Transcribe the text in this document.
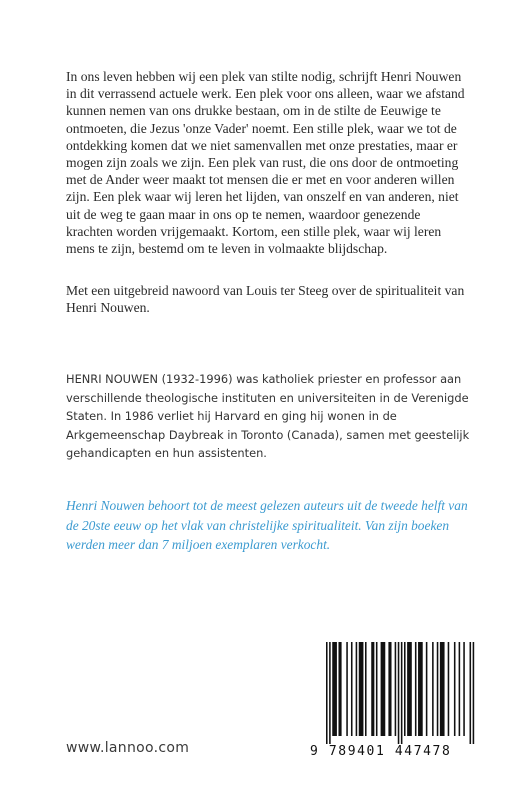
In ons leven hebben wij een plek van stilte nodig, schrijft Henri Nouwen in dit verrassend actuele werk. Een plek voor ons alleen, waar we afstand kunnen nemen van ons drukke bestaan, om in de stilte de Eeuwige te ontmoeten, die Jezus 'onze Vader' noemt. Een stille plek, waar we tot de ontdekking komen dat we niet samenvallen met onze prestaties, maar er mogen zijn zoals we zijn. Een plek van rust, die ons door de ontmoeting met de Ander weer maakt tot mensen die er met en voor anderen willen zijn. Een plek waar wij leren het lijden, van onszelf en van anderen, niet uit de weg te gaan maar in ons op te nemen, waardoor genezende krachten worden vrijgemaakt. Kortom, een stille plek, waar wij leren mens te zijn, bestemd om te leven in volmaakte blijdschap.

Met een uitgebreid nawoord van Louis ter Steeg over de spiritualiteit van Henri Nouwen.

HENRI NOUWEN (1932-1996) was katholiek priester en professor aan verschillende theologische instituten en universiteiten in de Verenigde Staten. In 1986 verliet hij Harvard en ging hij wonen in de Arkgemeenschap Daybreak in Toronto (Canada), samen met geestelijk gehandicapten en hun assistenten.

Henri Nouwen behoort tot de meest gelezen auteurs uit de tweede helft van de 20ste eeuw op het vlak van christelijke spiritualiteit. Van zijn boeken werden meer dan 7 miljoen exemplaren verkocht.

www.lannoo.com	9 789401 447478
